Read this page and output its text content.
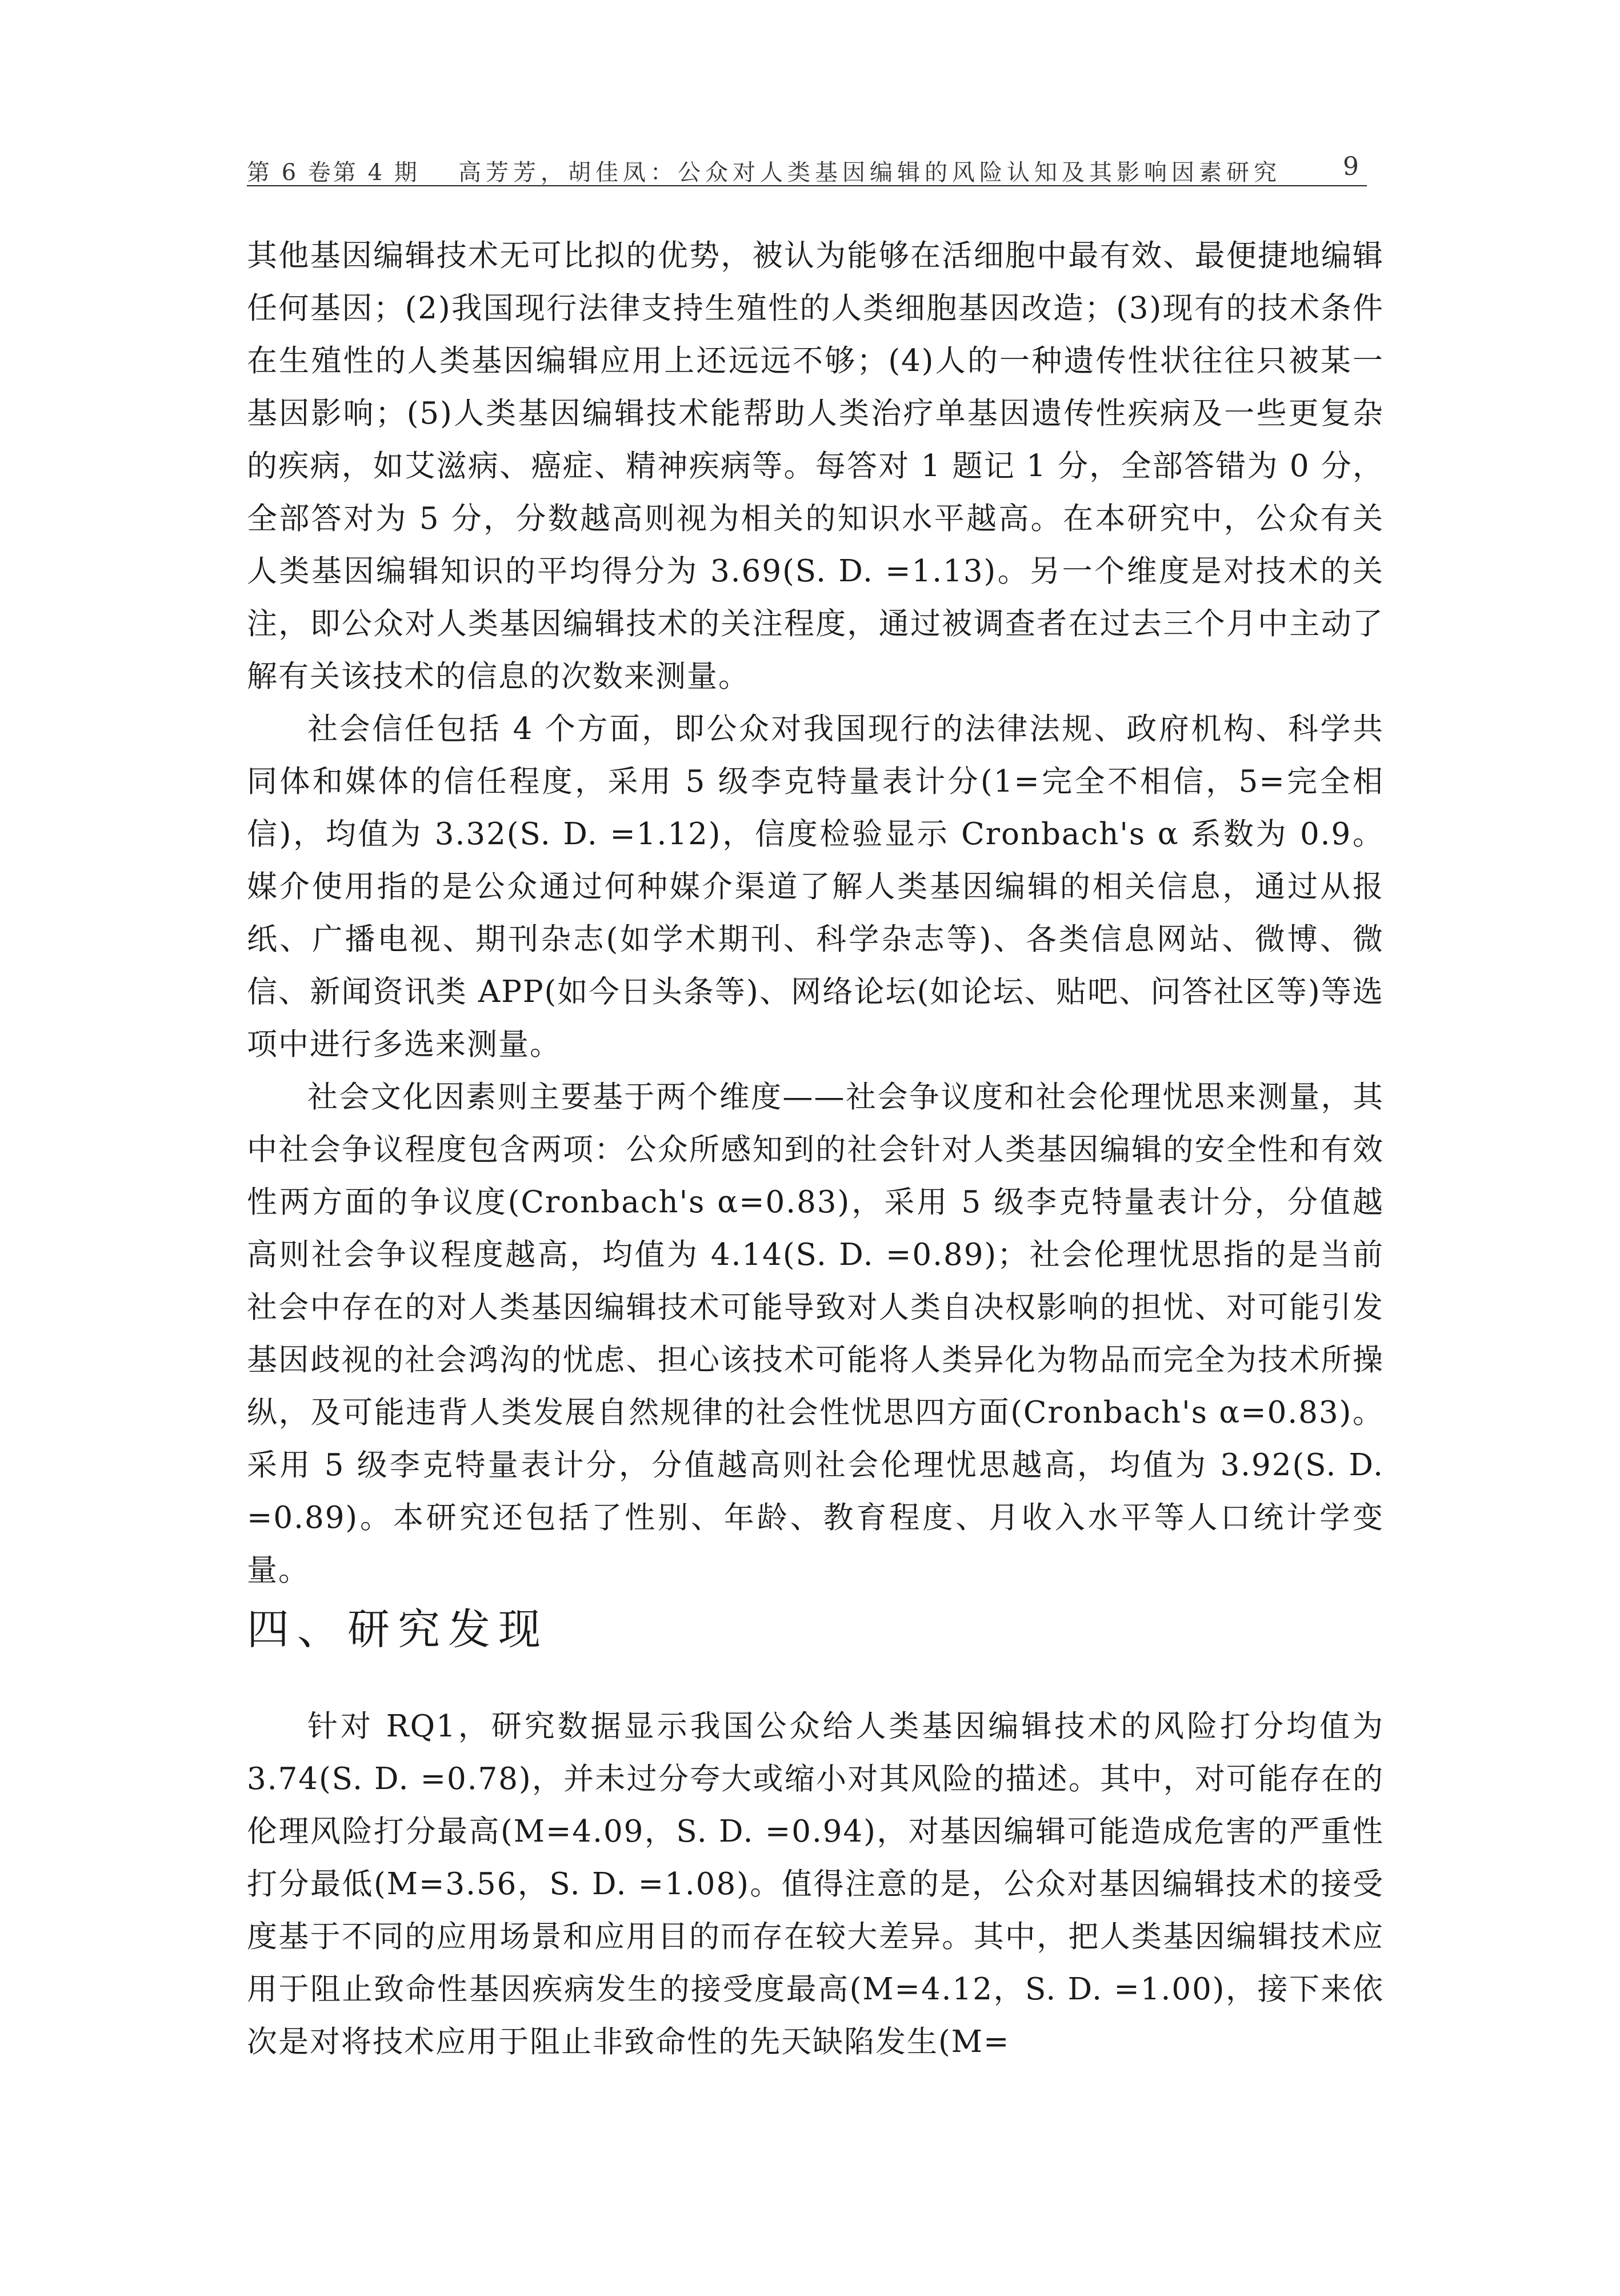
第 6 卷第 4 期 高芳芳，胡佳凤：公众对人类基因编辑的风险认知及其影响因素研究 9

其他基因编辑技术无可比拟的优势，被认为能够在活细胞中最有效、最便捷地编辑任何基因；(2)我国现行法律支持生殖性的人类细胞基因改造；(3)现有的技术条件在生殖性的人类基因编辑应用上还远远不够；(4)人的一种遗传性状往往只被某一基因影响；(5)人类基因编辑技术能帮助人类治疗单基因遗传性疾病及一些更复杂的疾病，如艾滋病、癌症、精神疾病等。每答对 1 题记 1 分，全部答错为 0 分，全部答对为 5 分，分数越高则视为相关的知识水平越高。在本研究中，公众有关人类基因编辑知识的平均得分为 3.69(S. D. =1.13)。另一个维度是对技术的关注，即公众对人类基因编辑技术的关注程度，通过被调查者在过去三个月中主动了解有关该技术的信息的次数来测量。

社会信任包括 4 个方面，即公众对我国现行的法律法规、政府机构、科学共同体和媒体的信任程度，采用 5 级李克特量表计分(1=完全不相信，5=完全相信)，均值为 3.32(S. D. =1.12)，信度检验显示 Cronbach's α 系数为 0.9。媒介使用指的是公众通过何种媒介渠道了解人类基因编辑的相关信息，通过从报纸、广播电视、期刊杂志(如学术期刊、科学杂志等)、各类信息网站、微博、微信、新闻资讯类 APP(如今日头条等)、网络论坛(如论坛、贴吧、问答社区等)等选项中进行多选来测量。

社会文化因素则主要基于两个维度——社会争议度和社会伦理忧思来测量，其中社会争议程度包含两项：公众所感知到的社会针对人类基因编辑的安全性和有效性两方面的争议度(Cronbach's α=0.83)，采用 5 级李克特量表计分，分值越高则社会争议程度越高，均值为 4.14(S. D. =0.89)；社会伦理忧思指的是当前社会中存在的对人类基因编辑技术可能导致对人类自决权影响的担忧、对可能引发基因歧视的社会鸿沟的忧虑、担心该技术可能将人类异化为物品而完全为技术所操纵，及可能违背人类发展自然规律的社会性忧思四方面(Cronbach's α=0.83)。采用 5 级李克特量表计分，分值越高则社会伦理忧思越高，均值为 3.92(S. D. =0.89)。本研究还包括了性别、年龄、教育程度、月收入水平等人口统计学变量。

四、研究发现

针对 RQ1，研究数据显示我国公众给人类基因编辑技术的风险打分均值为 3.74(S. D. =0.78)，并未过分夸大或缩小对其风险的描述。其中，对可能存在的伦理风险打分最高(M=4.09，S. D. =0.94)，对基因编辑可能造成危害的严重性打分最低(M=3.56，S. D. =1.08)。值得注意的是，公众对基因编辑技术的接受度基于不同的应用场景和应用目的而存在较大差异。其中，把人类基因编辑技术应用于阻止致命性基因疾病发生的接受度最高(M=4.12，S. D. =1.00)，接下来依次是对将技术应用于阻止非致命性的先天缺陷发生(M=
